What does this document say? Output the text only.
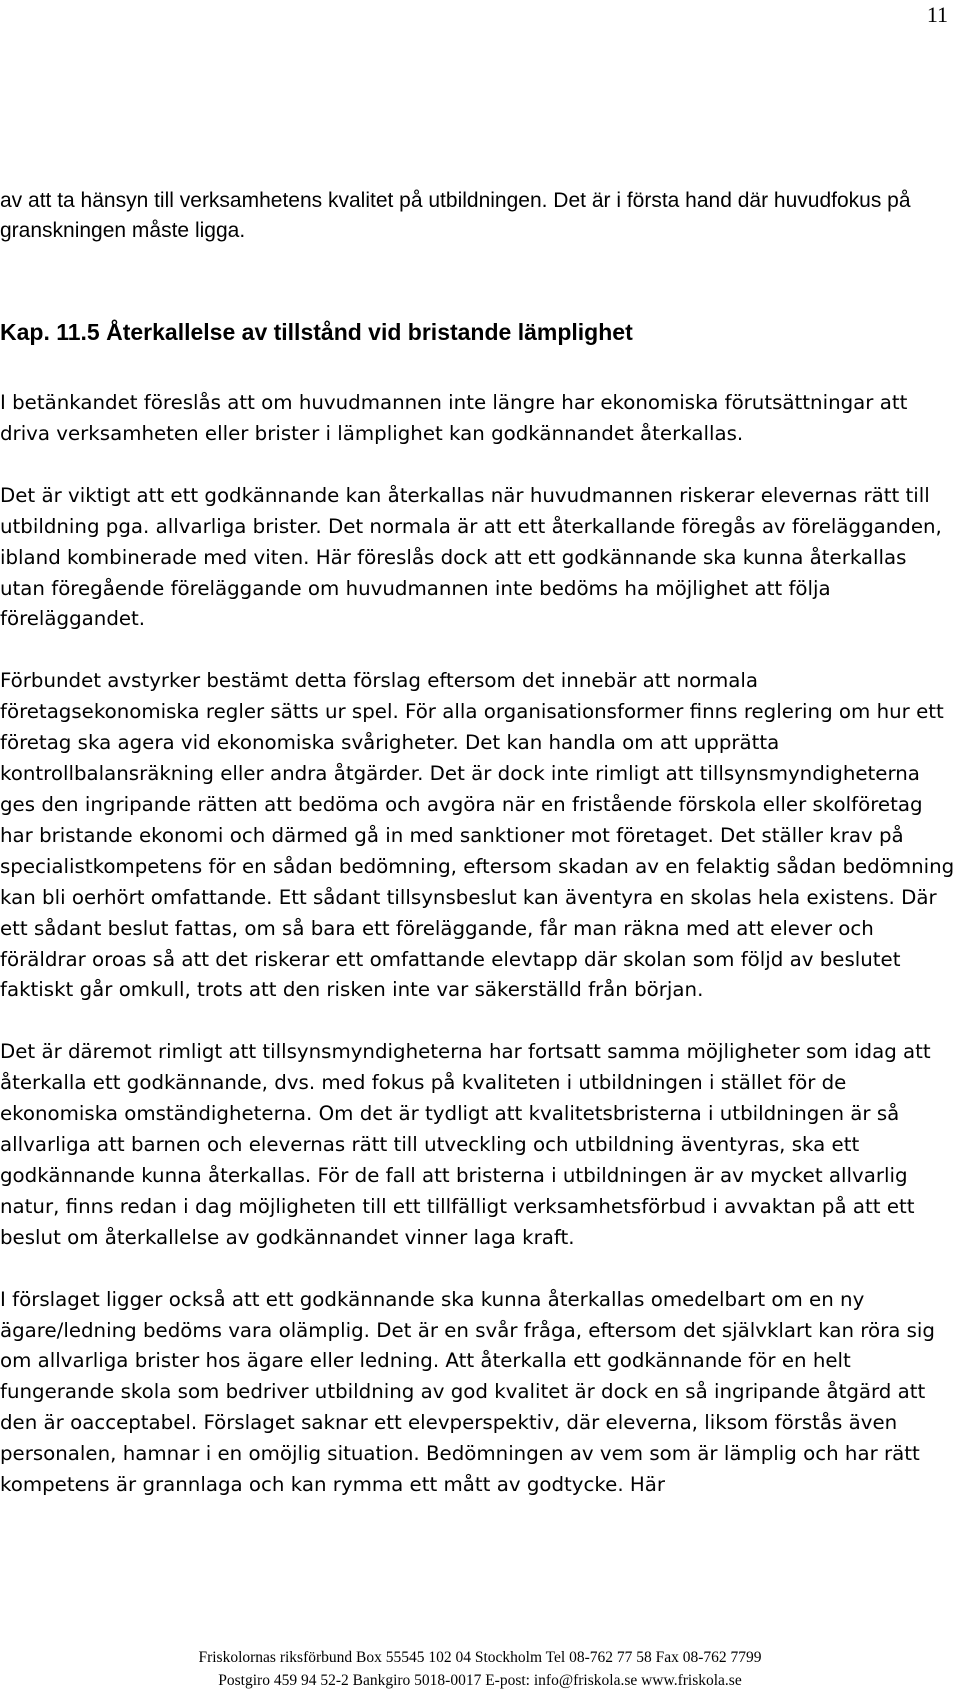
11

av att ta hänsyn till verksamhetens kvalitet på utbildningen. Det är i första hand där huvudfokus på granskningen måste ligga.

Kap. 11.5 Återkallelse av tillstånd vid bristande lämplighet

I betänkandet föreslås att om huvudmannen inte längre har ekonomiska förutsättningar att driva verksamheten eller brister i lämplighet kan godkännandet återkallas.

Det är viktigt att ett godkännande kan återkallas när huvudmannen riskerar elevernas rätt till utbildning pga. allvarliga brister. Det normala är att ett återkallande föregås av förelägganden, ibland kombinerade med viten. Här föreslås dock att ett godkännande ska kunna återkallas utan föregående föreläggande om huvudmannen inte bedöms ha möjlighet att följa föreläggandet.

Förbundet avstyrker bestämt detta förslag eftersom det innebär att normala företagsekonomiska regler sätts ur spel. För alla organisationsformer finns reglering om hur ett företag ska agera vid ekonomiska svårigheter. Det kan handla om att upprätta kontrollbalansräkning eller andra åtgärder. Det är dock inte rimligt att tillsynsmyndigheterna ges den ingripande rätten att bedöma och avgöra när en fristående förskola eller skolföretag har bristande ekonomi och därmed gå in med sanktioner mot företaget. Det ställer krav på specialistkompetens för en sådan bedömning, eftersom skadan av en felaktig sådan bedömning kan bli oerhört omfattande. Ett sådant tillsynsbeslut kan äventyra en skolas hela existens. Där ett sådant beslut fattas, om så bara ett föreläggande, får man räkna med att elever och föräldrar oroas så att det riskerar ett omfattande elevtapp där skolan som följd av beslutet faktiskt går omkull, trots att den risken inte var säkerställd från början.

Det är däremot rimligt att tillsynsmyndigheterna har fortsatt samma möjligheter som idag att återkalla ett godkännande, dvs. med fokus på kvaliteten i utbildningen i stället för de ekonomiska omständigheterna. Om det är tydligt att kvalitetsbristerna i utbildningen är så allvarliga att barnen och elevernas rätt till utveckling och utbildning äventyras, ska ett godkännande kunna återkallas. För de fall att bristerna i utbildningen är av mycket allvarlig natur, finns redan i dag möjligheten till ett tillfälligt verksamhetsförbud i avvaktan på att ett beslut om återkallelse av godkännandet vinner laga kraft.

I förslaget ligger också att ett godkännande ska kunna återkallas omedelbart om en ny ägare/ledning bedöms vara olämplig. Det är en svår fråga, eftersom det självklart kan röra sig om allvarliga brister hos ägare eller ledning. Att återkalla ett godkännande för en helt fungerande skola som bedriver utbildning av god kvalitet är dock en så ingripande åtgärd att den är oacceptabel. Förslaget saknar ett elevperspektiv, där eleverna, liksom förstås även personalen, hamnar i en omöjlig situation. Bedömningen av vem som är lämplig och har rätt kompetens är grannlaga och kan rymma ett mått av godtycke. Här

Friskolornas riksförbund Box 55545 102 04 Stockholm Tel 08-762 77 58 Fax 08-762 7799
Postgiro 459 94 52-2 Bankgiro 5018-0017 E-post: info@friskola.se www.friskola.se
